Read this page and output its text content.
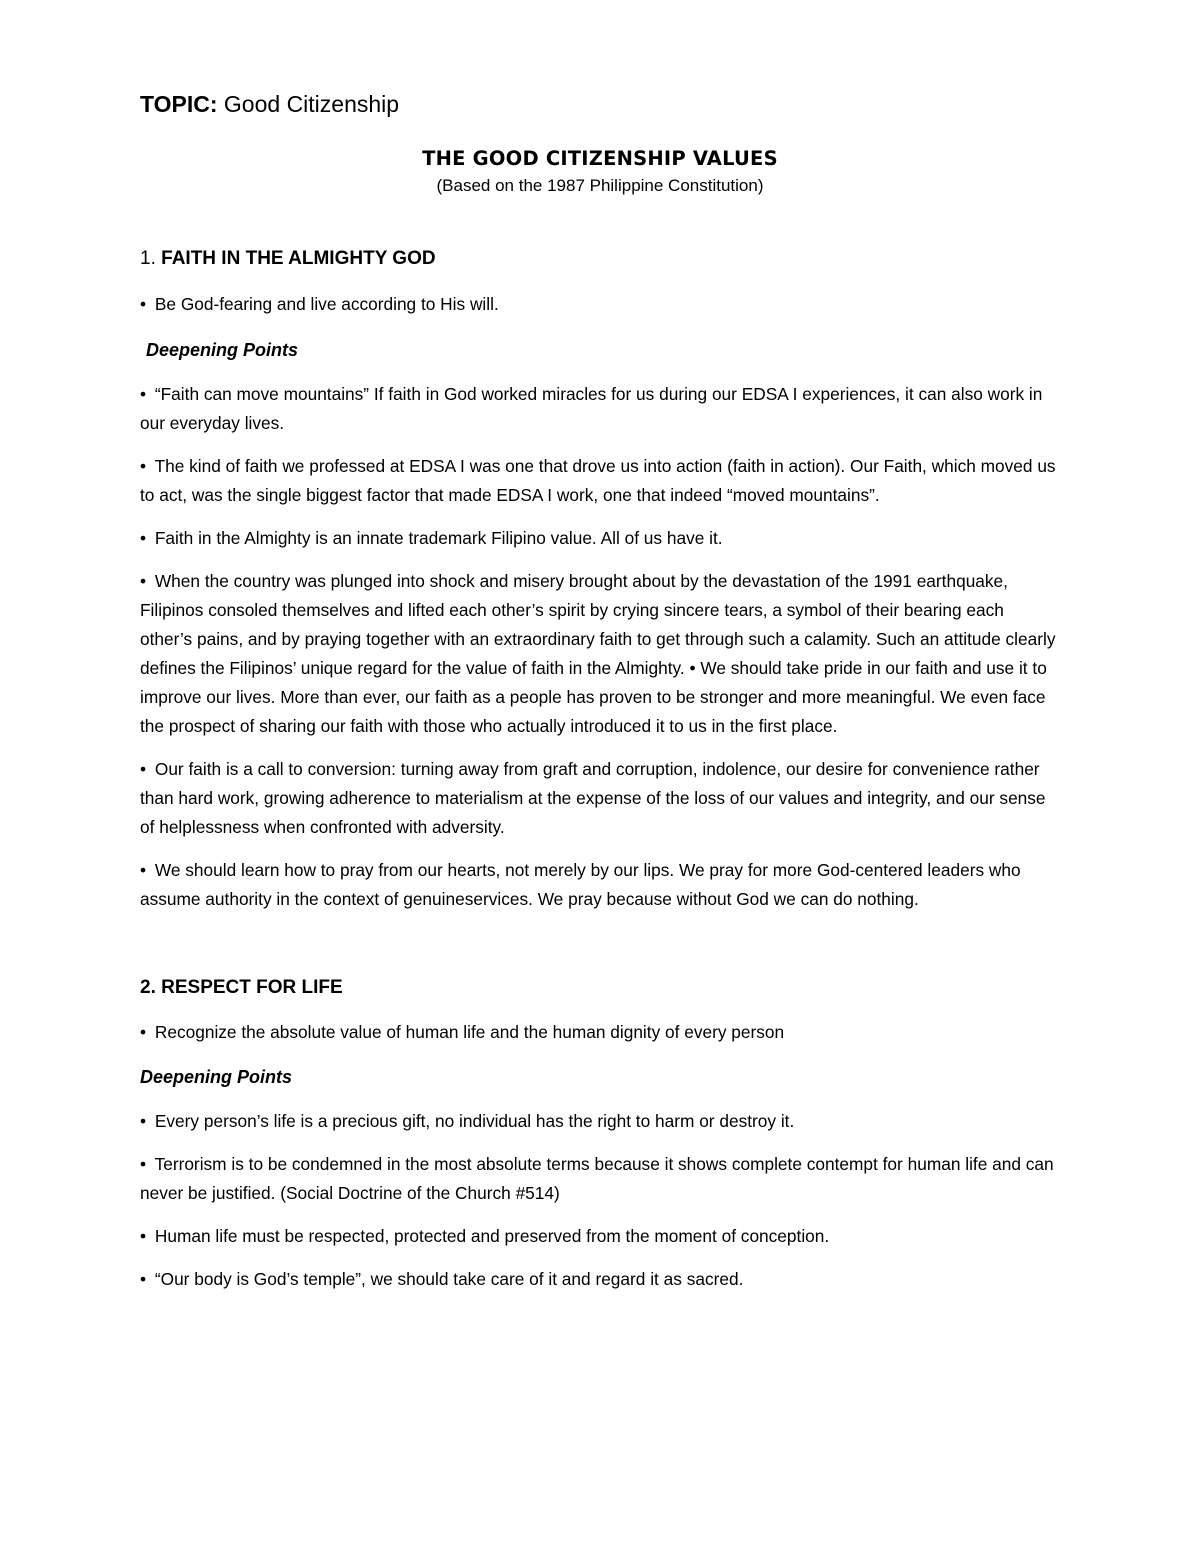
TOPIC: Good Citizenship

THE GOOD CITIZENSHIP VALUES

(Based on the 1987 Philippine Constitution)

1. FAITH IN THE ALMIGHTY GOD

• Be God-fearing and live according to His will.

Deepening Points

• “Faith can move mountains” If faith in God worked miracles for us during our EDSA I experiences, it can also work in our everyday lives.

• The kind of faith we professed at EDSA I was one that drove us into action (faith in action). Our Faith, which moved us to act, was the single biggest factor that made EDSA I work, one that indeed “moved mountains”.

• Faith in the Almighty is an innate trademark Filipino value. All of us have it.

• When the country was plunged into shock and misery brought about by the devastation of the 1991 earthquake, Filipinos consoled themselves and lifted each other’s spirit by crying sincere tears, a symbol of their bearing each other’s pains, and by praying together with an extraordinary faith to get through such a calamity. Such an attitude clearly defines the Filipinos’ unique regard for the value of faith in the Almighty. • We should take pride in our faith and use it to improve our lives. More than ever, our faith as a people has proven to be stronger and more meaningful. We even face the prospect of sharing our faith with those who actually introduced it to us in the first place.

• Our faith is a call to conversion: turning away from graft and corruption, indolence, our desire for convenience rather than hard work, growing adherence to materialism at the expense of the loss of our values and integrity, and our sense of helplessness when confronted with adversity.

• We should learn how to pray from our hearts, not merely by our lips. We pray for more God-centered leaders who assume authority in the context of genuineservices. We pray because without God we can do nothing.

2. RESPECT FOR LIFE

• Recognize the absolute value of human life and the human dignity of every person

Deepening Points

• Every person’s life is a precious gift, no individual has the right to harm or destroy it.

• Terrorism is to be condemned in the most absolute terms because it shows complete contempt for human life and can never be justified. (Social Doctrine of the Church #514)

• Human life must be respected, protected and preserved from the moment of conception.

• “Our body is God’s temple”, we should take care of it and regard it as sacred.
